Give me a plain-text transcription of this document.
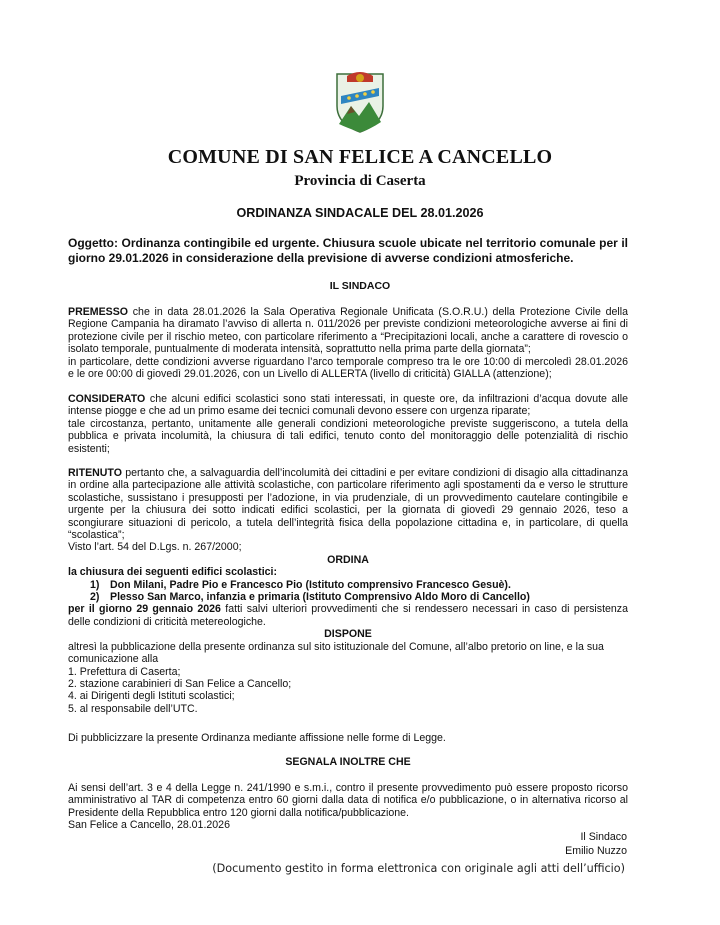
COMUNE DI SAN FELICE A CANCELLO
Provincia di Caserta
ORDINANZA SINDACALE DEL 28.01.2026
Oggetto: Ordinanza contingibile ed urgente. Chiusura scuole ubicate nel territorio comunale per il giorno 29.01.2026 in considerazione della previsione di avverse condizioni atmosferiche.
IL SINDACO

PREMESSO che in data 28.01.2026 la Sala Operativa Regionale Unificata (S.O.R.U.) della Protezione Civile della Regione Campania ha diramato l’avviso di allerta n. 011/2026 per previste condizioni meteorologiche avverse ai fini di protezione civile per il rischio meteo, con particolare riferimento a “Precipitazioni locali, anche a carattere di rovescio o isolato temporale, puntualmente di moderata intensità, soprattutto nella prima parte della giornata”;

in particolare, dette condizioni avverse riguardano l’arco temporale compreso tra le ore 10:00 di mercoledì 28.01.2026 e le ore 00:00 di giovedì 29.01.2026, con un Livello di ALLERTA (livello di criticità) GIALLA (attenzione);

CONSIDERATO che alcuni edifici scolastici sono stati interessati, in queste ore, da infiltrazioni d’acqua dovute alle intense piogge e che ad un primo esame dei tecnici comunali devono essere con urgenza riparate;

tale circostanza, pertanto, unitamente alle generali condizioni meteorologiche previste suggeriscono, a tutela della pubblica e privata incolumità, la chiusura di tali edifici, tenuto conto del monitoraggio delle potenzialità di rischio esistenti;

RITENUTO pertanto che, a salvaguardia dell’incolumità dei cittadini e per evitare condizioni di disagio alla cittadinanza in ordine alla partecipazione alle attività scolastiche, con particolare riferimento agli spostamenti da e verso le strutture scolastiche, sussistano i presupposti per l’adozione, in via prudenziale, di un provvedimento cautelare contingibile e urgente per la chiusura dei sotto indicati edifici scolastici, per la giornata di giovedì 29 gennaio 2026, teso a scongiurare situazioni di pericolo, a tutela dell’integrità fisica della popolazione cittadina e, in particolare, di quella “scolastica”;

Visto l’art. 54 del D.Lgs. n. 267/2000;

ORDINA

la chiusura dei seguenti edifici scolastici:

1) Don Milani, Padre Pio e Francesco Pio (Istituto comprensivo Francesco Gesuè).
2) Plesso San Marco, infanzia e primaria (Istituto Comprensivo Aldo Moro di Cancello)

per il giorno 29 gennaio 2026 fatti salvi ulteriori provvedimenti che si rendessero necessari in caso di persistenza delle condizioni di criticità metereologiche.

DISPONE

altresì la pubblicazione della presente ordinanza sul sito istituzionale del Comune, all’albo pretorio on line, e la sua comunicazione alla

1. Prefettura di Caserta;

2. stazione carabinieri di San Felice a Cancello;

4. ai Dirigenti degli Istituti scolastici;

5. al responsabile dell’UTC.

Di pubblicizzare la presente Ordinanza mediante affissione nelle forme di Legge.

SEGNALA INOLTRE CHE

Ai sensi dell’art. 3 e 4 della Legge n. 241/1990 e s.m.i., contro il presente provvedimento può essere proposto ricorso amministrativo al TAR di competenza entro 60 giorni dalla data di notifica e/o pubblicazione, o in alternativa ricorso al Presidente della Repubblica entro 120 giorni dalla notifica/pubblicazione.

San Felice a Cancello, 28.01.2026

Il Sindaco
Emilio Nuzzo
(Documento gestito in forma elettronica con originale agli atti dell’ufficio)
